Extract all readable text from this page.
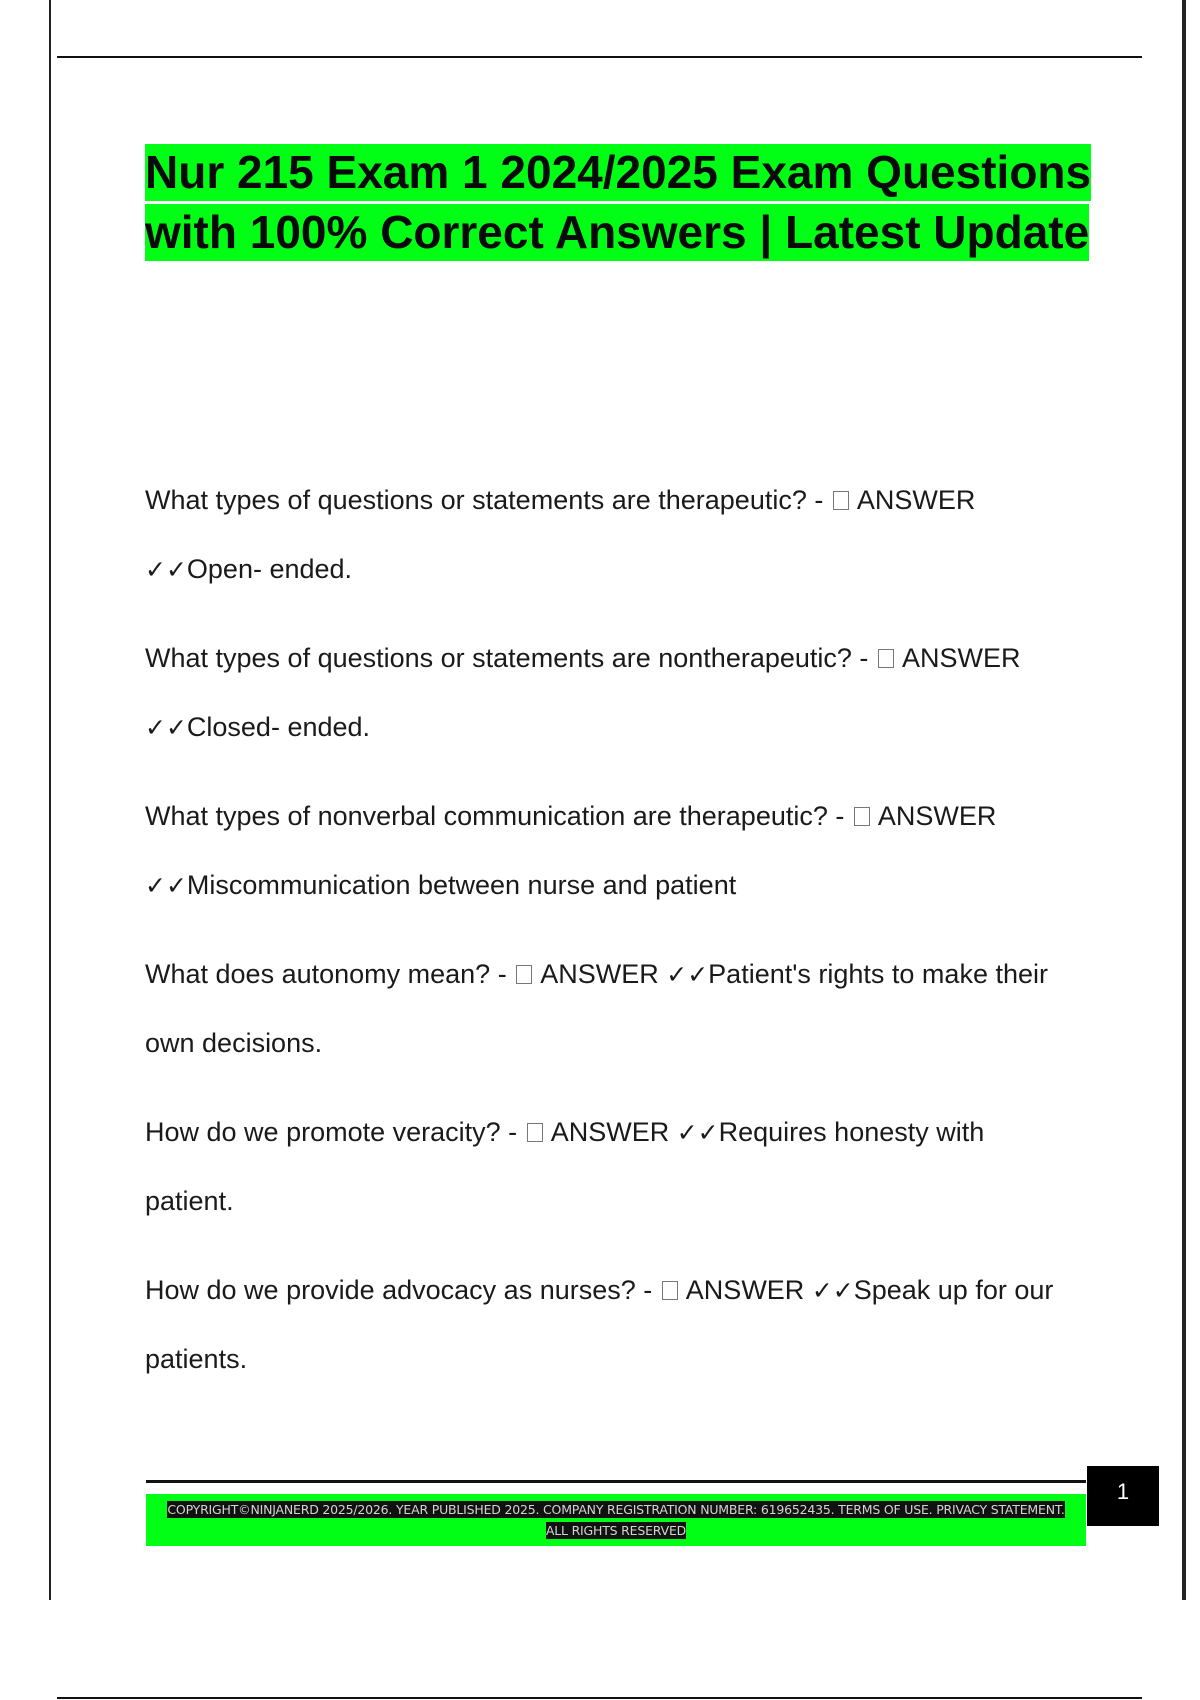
Nur 215 Exam 1 2024/2025 Exam Questions with 100% Correct Answers | Latest Update
What types of questions or statements are therapeutic? - ANSWER ✓✓Open- ended.
What types of questions or statements are nontherapeutic? - ANSWER ✓✓Closed- ended.
What types of nonverbal communication are therapeutic? - ANSWER ✓✓Miscommunication between nurse and patient
What does autonomy mean? - ANSWER ✓✓Patient's rights to make their own decisions.
How do we promote veracity? - ANSWER ✓✓Requires honesty with patient.
How do we provide advocacy as nurses? - ANSWER ✓✓Speak up for our patients.
1
COPYRIGHT©NINJANERD 2025/2026. YEAR PUBLISHED 2025. COMPANY REGISTRATION NUMBER: 619652435. TERMS OF USE. PRIVACY STATEMENT. ALL RIGHTS RESERVED
